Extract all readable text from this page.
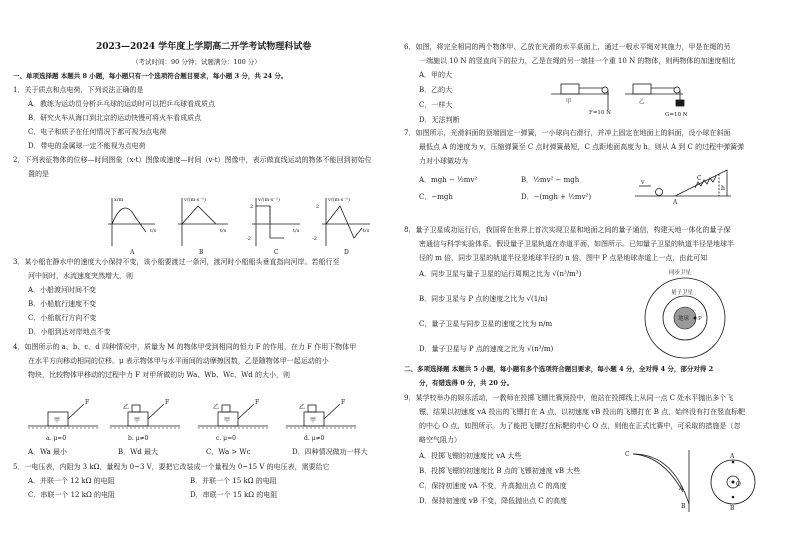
2023—2024 学年度上学期高二开学考试物理科试卷
（考试时间：90 分钟；试题满分：100 分）
一、单项选择题 本题共 8 小题，每小题只有一个选项符合题目要求，每小题 3 分，共 24 分。
1．关于质点和点电荷，下列说法正确的是
A．教练为运动员分析乒乓球的运动时可以把乒乓球看成质点
B．研究火车从海口到北京的运动快慢可将火车看成质点
C．电子和质子在任何情况下都可视为点电荷
D．带电的金属球一定不能视为点电荷
2．下列表征物体的位移—时间图象（x-t）图像或速度—时间（v-t）图像中，表示做直线运动的物体不能回到初始位
置的是
x/m
t/s
v/(m·s⁻¹)
t/s
v/(m·s⁻¹)
t/s
v/(m·s⁻¹)
t/s
2
-2
2
-2
A	B	C	D
3．某小船在静水中的速度大小保持不变，该小船要渡过一条河，渡河时小船船头垂直指向河岸。若船行至
河中间时，水流速度突然增大，则
A．小船渡河时间不变
B．小船航行速度不变
C．小船航行方向不变
D．小船到达对岸地点不变
4．如图所示的 a、b、c、d 四种情况中，质量为 M 的物体甲受到相同的恒力 F 的作用，在力 F 作用下物体甲
在水平方向移动相同的位移。μ 表示物体甲与水平面间的动摩擦因数，乙是随物体甲一起运动的小
物块，比较物体甲移动的过程中力 F 对甲所做的功 Wa、Wb、Wc、Wd 的大小，则
甲	甲	甲	甲
乙	乙	乙
F	F	F	F
a. μ=0	b. μ≠0	c. μ=0	d. μ≠0
A．Wa 最小	B．Wd 最大	C．Wa > Wc	D．四种情况做功一样大
5．一电压表，内阻为 3 kΩ，量程为 0~3 V，要把它改装成一个量程为 0~15 V 的电压表，需要给它
A．并联一个 12 kΩ 的电阻	B．并联一个 15 kΩ 的电阻
C．串联一个 12 kΩ 的电阻	D．串联一个 15 kΩ 的电阻
6．如图，将完全相同的两个物体甲、乙放在光滑的水平桌面上，通过一根水平绳对其施力，甲是在绳的另
一端施以 10 N 的竖直向下的拉力，乙是在绳的另一端挂一个重 10 N 的物体，则两物体的加速度相比
A．甲的大
B．乙的大
C．一样大
D．无法判断
甲	乙
F=10 N	G=10 N
7．如图所示，光滑斜面的顶端固定一弹簧，一小球向右滑行，并冲上固定在地面上的斜面，设小球在斜面
最低点 A 的速度为 v，压缩弹簧至 C 点时弹簧最短，C 点距地面高度为 h，则从 A 到 C 的过程中弹簧弹
力对小球做功为
A．mgh − ½mv²	B．½mv² − mgh
C．−mgh	D．−(mgh + ½mv²)
v
A
C
h
8．量子卫星成功运行后，我国将在世界上首次实现卫星和地面之间的量子通信，构建天地一体化的量子保
密通信与科学实验体系。假设量子卫星轨道在赤道平面，如图所示。已知量子卫星的轨道半径是地球半
径的 m 倍，同步卫星的轨道半径是地球半径的 n 倍，图中 P 点是地球赤道上一点，由此可知
A．同步卫星与量子卫星的运行周期之比为 √(n³/m³)
B．同步卫星与 P 点的速度之比为 √(1/n)
C．量子卫星与同步卫星的速度之比为 n/m
D．量子卫星与 P 点的速度之比为 √(n³/m)
同步卫星
量子卫星
地球 P
二、多项选择题 本题共 5 小题，每小题有多个选项符合题目要求，每小题 4 分，全对得 4 分，部分对得 2
分，有错选得 0 分，共 20 分。
9．某学校举办的娱乐活动，一教师在投掷飞镖比赛预投中，他站在投掷线上从同一点 C 处水平抛出多个飞
镖，结果以初速度 vA 投出的飞镖打在 A 点，以初速度 vB 投出的飞镖打在 B 点，始终没有打在竖直标靶
的中心 O 点，如图所示。为了能把飞镖打在标靶的中心 O 点，则他在正式比赛中，可采取的措施是（忽
略空气阻力）
A．投掷飞镖的初速度比 vA 大些
B．投掷飞镖的初速度比 B 点的飞镖初速度 vB 大些
C．保持初速度 vA 不变，升高抛出点 C 的高度
D．保持初速度 vB 不变，降低抛出点 C 的高度
C
A
B
A
O
B
